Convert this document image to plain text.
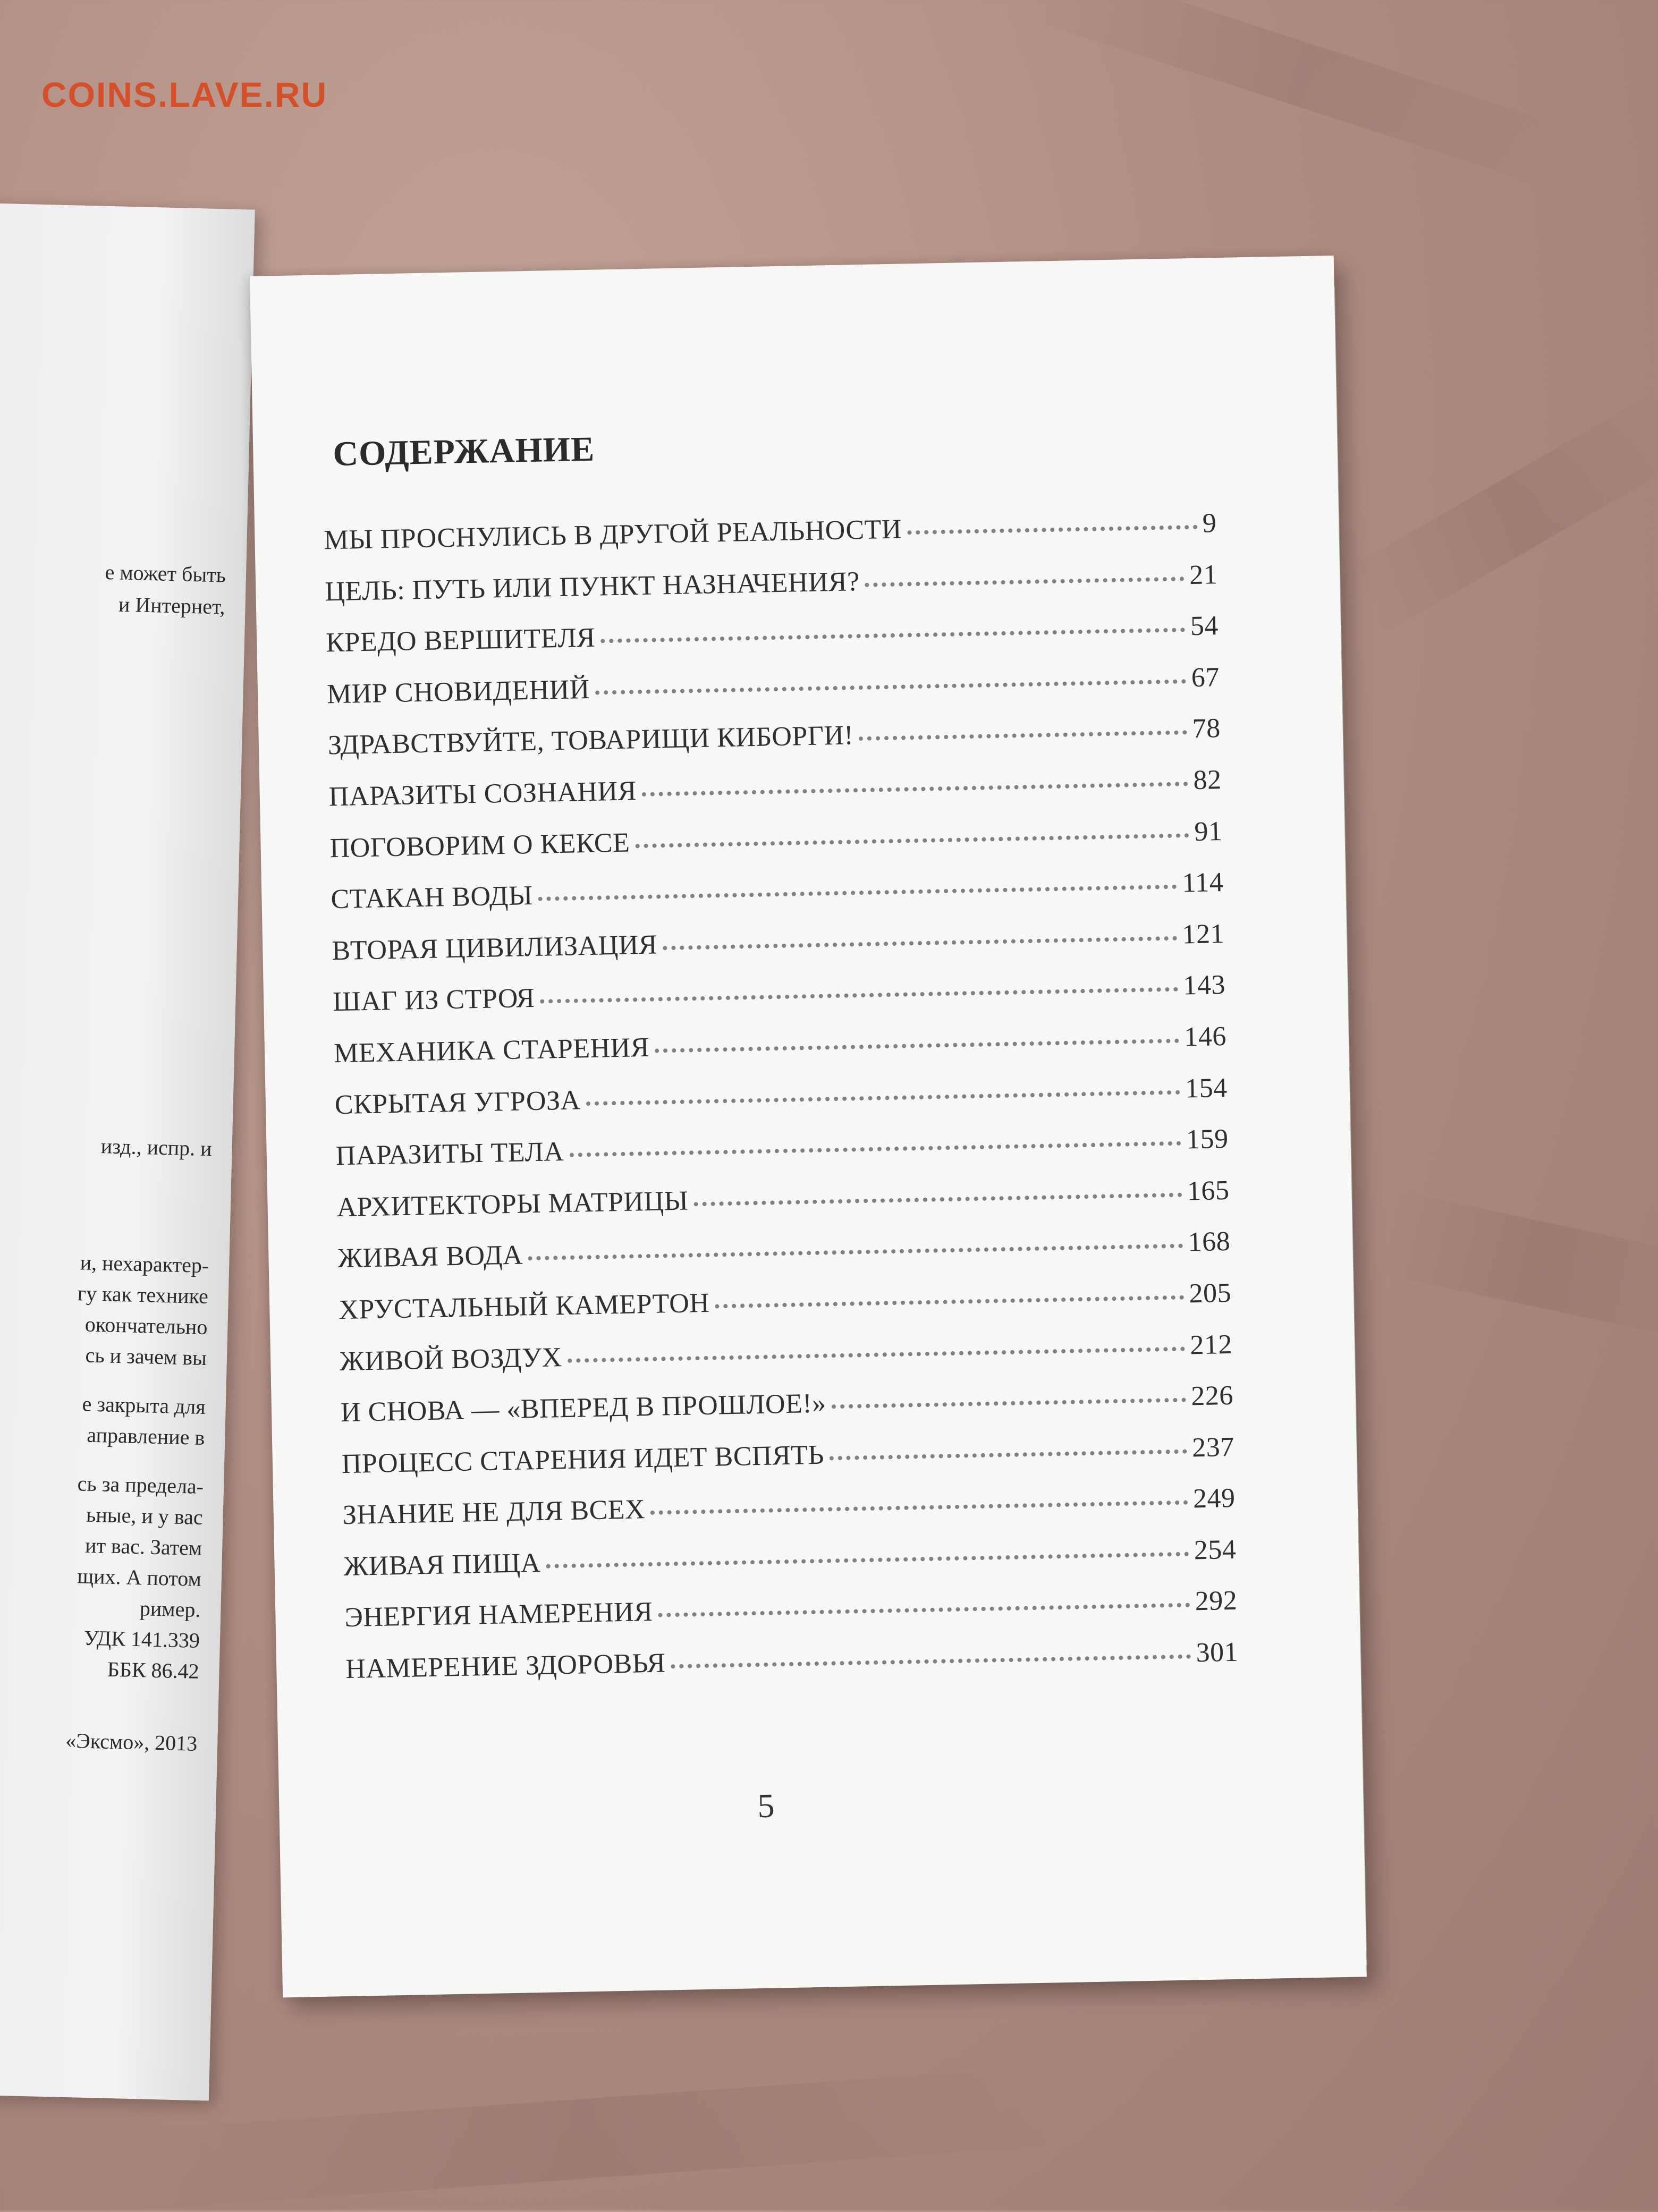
COINS.LAVE.RU
е может быть
и Интернет,
изд., испр. и
и, нехарактер-
гу как технике
окончательно
сь и зачем вы
е закрыта для
аправление в
сь за предела-
ьные, и у вас
ит вас. Затем
щих. А потом
ример.
УДК 141.339
ББК 86.42
«Эксмо», 2013
СОДЕРЖАНИЕ
МЫ ПРОСНУЛИСЬ В ДРУГОЙ РЕАЛЬНОСТИ	9
ЦЕЛЬ: ПУТЬ ИЛИ ПУНКТ НАЗНАЧЕНИЯ?	21
КРЕДО ВЕРШИТЕЛЯ	54
МИР СНОВИДЕНИЙ	67
ЗДРАВСТВУЙТЕ, ТОВАРИЩИ КИБОРГИ!	78
ПАРАЗИТЫ СОЗНАНИЯ	82
ПОГОВОРИМ О КЕКСЕ	91
СТАКАН ВОДЫ	114
ВТОРАЯ ЦИВИЛИЗАЦИЯ	121
ШАГ ИЗ СТРОЯ	143
МЕХАНИКА СТАРЕНИЯ	146
СКРЫТАЯ УГРОЗА	154
ПАРАЗИТЫ ТЕЛА	159
АРХИТЕКТОРЫ МАТРИЦЫ	165
ЖИВАЯ ВОДА	168
ХРУСТАЛЬНЫЙ КАМЕРТОН	205
ЖИВОЙ ВОЗДУХ	212
И СНОВА — «ВПЕРЕД В ПРОШЛОЕ!»	226
ПРОЦЕСС СТАРЕНИЯ ИДЕТ ВСПЯТЬ	237
ЗНАНИЕ НЕ ДЛЯ ВСЕХ	249
ЖИВАЯ ПИЩА	254
ЭНЕРГИЯ НАМЕРЕНИЯ	292
НАМЕРЕНИЕ ЗДОРОВЬЯ	301
5
